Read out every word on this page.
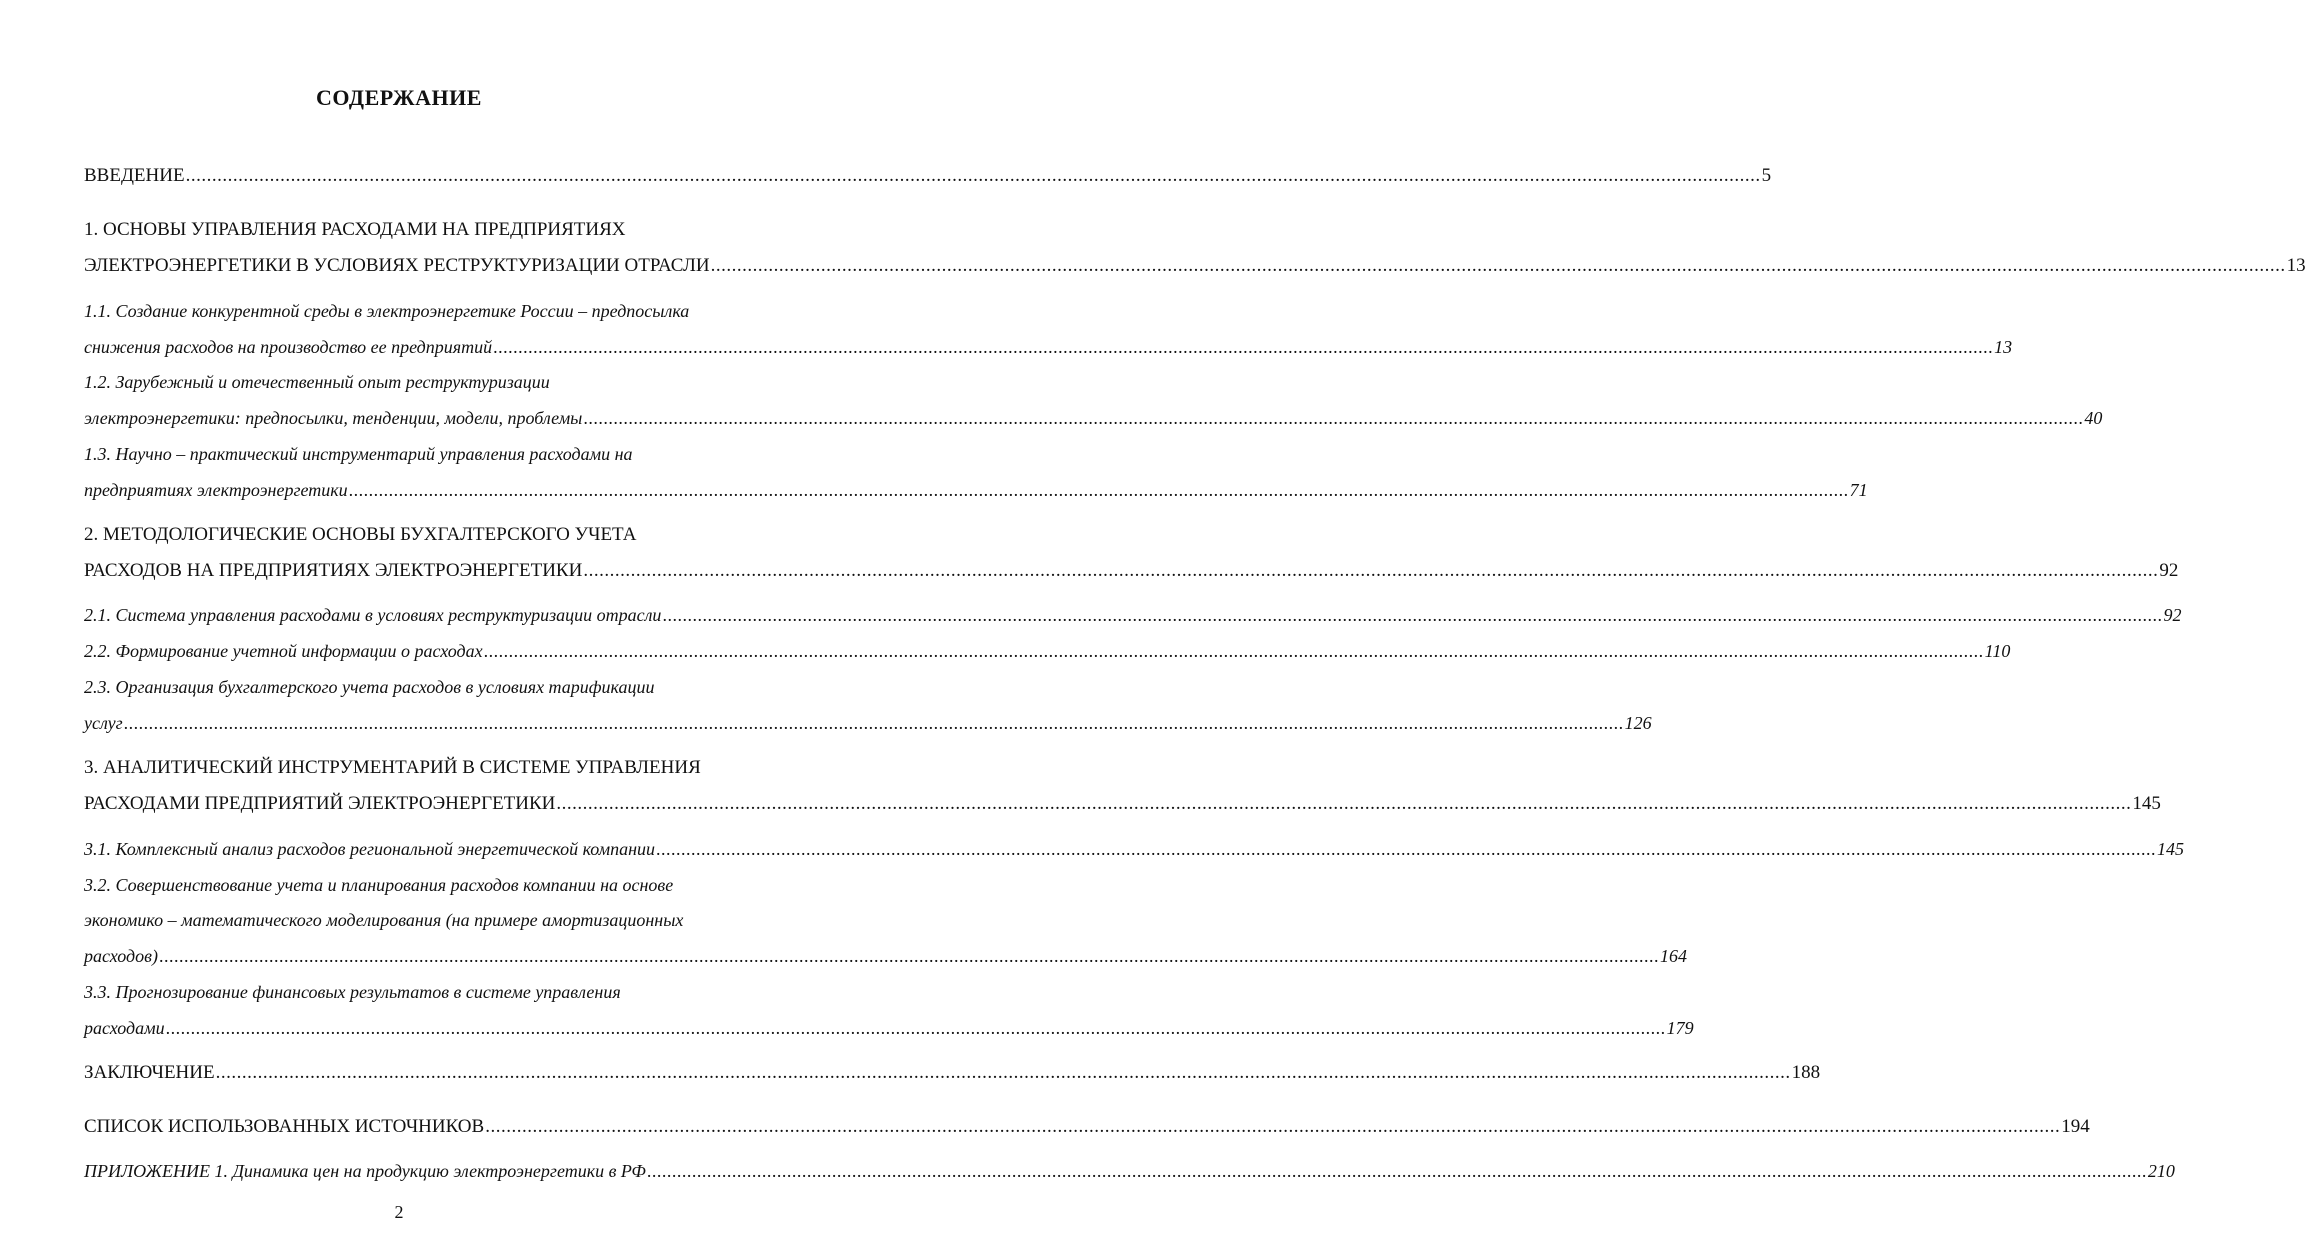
СОДЕРЖАНИЕ
ВВЕДЕНИЕ ............................................................................................................................................................................................................................................................................................................ 5
1. ОСНОВЫ УПРАВЛЕНИЯ РАСХОДАМИ НА ПРЕДПРИЯТИЯХ
ЭЛЕКТРОЭНЕРГЕТИКИ В УСЛОВИЯХ РЕСТРУКТУРИЗАЦИИ ОТРАСЛИ ............................................................................................................................................................................................................................................................................................................ 13
1.1. Создание конкурентной среды в электроэнергетике России – предпосылка
снижения расходов на производство ее предприятий ............................................................................................................................................................................................................................................................................................................ 13
1.2. Зарубежный и отечественный опыт реструктуризации
электроэнергетики: предпосылки, тенденции, модели, проблемы ............................................................................................................................................................................................................................................................................................................ 40
1.3. Научно – практический инструментарий управления расходами на
предприятиях электроэнергетики ............................................................................................................................................................................................................................................................................................................ 71
2. МЕТОДОЛОГИЧЕСКИЕ ОСНОВЫ БУХГАЛТЕРСКОГО УЧЕТА
РАСХОДОВ НА ПРЕДПРИЯТИЯХ ЭЛЕКТРОЭНЕРГЕТИКИ ............................................................................................................................................................................................................................................................................................................ 92
2.1. Система управления расходами в условиях реструктуризации отрасли ............................................................................................................................................................................................................................................................................................................ 92
2.2. Формирование учетной информации о расходах ............................................................................................................................................................................................................................................................................................................ 110
2.3. Организация бухгалтерского учета расходов в условиях тарификации
услуг ............................................................................................................................................................................................................................................................................................................ 126
3. АНАЛИТИЧЕСКИЙ ИНСТРУМЕНТАРИЙ В СИСТЕМЕ УПРАВЛЕНИЯ
РАСХОДАМИ ПРЕДПРИЯТИЙ ЭЛЕКТРОЭНЕРГЕТИКИ ............................................................................................................................................................................................................................................................................................................ 145
3.1. Комплексный анализ расходов региональной энергетической компании ............................................................................................................................................................................................................................................................................................................ 145
3.2. Совершенствование учета и планирования расходов компании на основе
экономико – математического моделирования (на примере амортизационных
расходов) ............................................................................................................................................................................................................................................................................................................ 164
3.3. Прогнозирование финансовых результатов в системе управления
расходами ............................................................................................................................................................................................................................................................................................................ 179
ЗАКЛЮЧЕНИЕ ............................................................................................................................................................................................................................................................................................................ 188
СПИСОК ИСПОЛЬЗОВАННЫХ ИСТОЧНИКОВ ............................................................................................................................................................................................................................................................................................................ 194
ПРИЛОЖЕНИЕ 1. Динамика цен на продукцию электроэнергетики в РФ ............................................................................................................................................................................................................................................................................................................ 210
2
